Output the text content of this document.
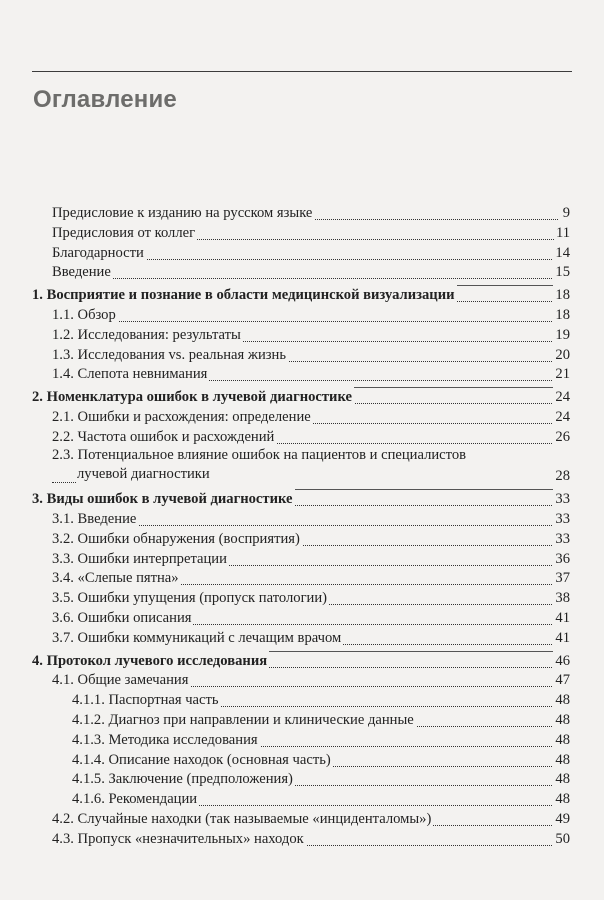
Оглавление
Предисловие к изданию на русском языке	9
Предисловия от коллег	11
Благодарности	14
Введение	15
1. Восприятие и познание в области медицинской визуализации	18
1.1. Обзор	18
1.2. Исследования: результаты	19
1.3. Исследования vs. реальная жизнь	20
1.4. Слепота невнимания	21
2. Номенклатура ошибок в лучевой диагностике	24
2.1. Ошибки и расхождения: определение	24
2.2. Частота ошибок и расхождений	26
2.3. Потенциальное влияние ошибок на пациентов и специалистов
лучевой диагностики	28
3. Виды ошибок в лучевой диагностике	33
3.1. Введение	33
3.2. Ошибки обнаружения (восприятия)	33
3.3. Ошибки интерпретации	36
3.4. «Слепые пятна»	37
3.5. Ошибки упущения (пропуск патологии)	38
3.6. Ошибки описания	41
3.7. Ошибки коммуникаций с лечащим врачом	41
4. Протокол лучевого исследования	46
4.1. Общие замечания	47
4.1.1. Паспортная часть	48
4.1.2. Диагноз при направлении и клинические данные	48
4.1.3. Методика исследования	48
4.1.4. Описание находок (основная часть)	48
4.1.5. Заключение (предположения)	48
4.1.6. Рекомендации	48
4.2. Случайные находки (так называемые «инциденталомы»)	49
4.3. Пропуск «незначительных» находок	50
